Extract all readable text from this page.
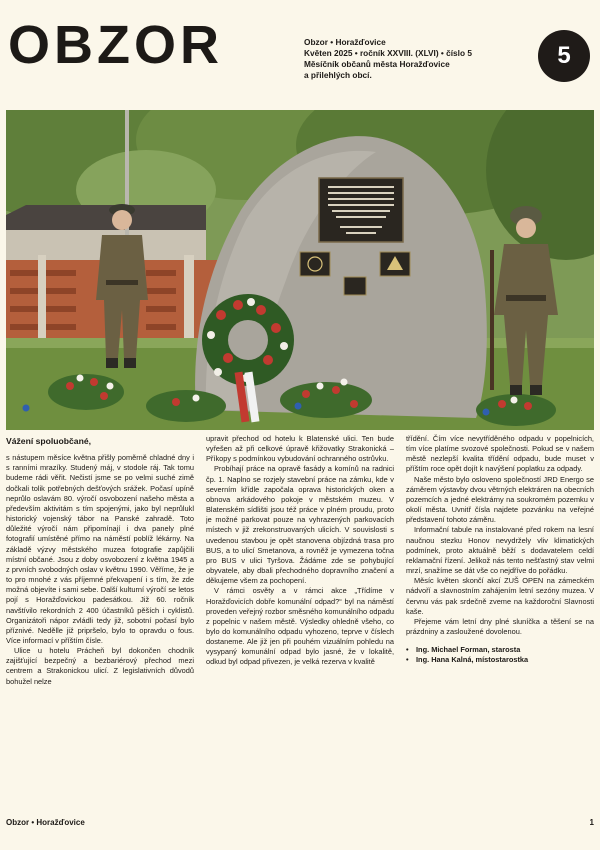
OBZOR	Obzor • Horažďovice
Květen 2025 • ročník XXVIII. (XLVI) • číslo 5
Měsíčník občanů města Horažďovice
a přilehlých obcí.
5
Vážení spoluobčané,

s nástupem měsíce května přišly poměrně chladné dny i s ranními mrazíky. Studený máj, v stodole ráj. Tak tomu budeme rádi věřit. Nečistí jsme se po velmi suché zimě dočkali tolik potřebných dešťových srážek. Počasí upíně neprůlo oslavám 80. výročí osvobození našeho města a především aktivitám s tím spojenými, jako byl neprůlukl historický vojenský tábor na Panské zahradě. Toto důležité výročí nám připomínají i dva panely plné fotografií umístěné přímo na náměstí poblíž lékárny. Na základě výzvy městského muzea fotografie zapůjčili místní občané. Jsou z doby osvobození z května 1945 a z prvních svobodných oslav v květnu 1990. Věříme, že je to pro mnohé z vás příjemné překvapení i s tím, že zde možná objevíte i sami sebe. Další kulturní výročí se letos pojí s Horažďovickou padesátkou. Již 60. ročník navštívilo rekordních 2 400 účastníků pěších i cyklistů. Organizátoři nápor zvládli tedy již, sobotní počasí bylo příznivé. Nedělle již pripršelo, bylo to opravdu o fous. Více informací v příštím čísle.

Ulice u hotelu Prácheň byl dokončen chodník zajišťující bezpečný a bezbariérový přechod mezi centrem a Strakonickou ulicí. Z legislativních důvodů bohužel nelze

upravit přechod od hotelu k Blatenské ulici. Ten bude vyřešen až při celkové úpravě křižovatky Strakonická – Příkopy s podmínkou vybudování ochranného ostrůvku.

Probíhají práce na opravě fasády a komínů na radnici čp. 1. Naplno se rozjely stavební práce na zámku, kde v severním křídle započala oprava historických oken a obnova arkádového pokoje v městském muzeu. V Blatenském sídlišti jsou též práce v plném proudu, proto je možné parkovat pouze na vyhrazených parkovacích místech v již zrekonstruovaných ulicích. V souvislosti s uvedenou stavbou je opět stanovena objízdná trasa pro BUS, a to ulicí Smetanova, a rovněž je vymezena točna pro BUS v ulici Tyršova. Žádáme zde se pohybující obyvatele, aby dbali přechodného dopravního značení a děkujeme všem za pochopení.

V rámci osvěty a v rámci akce „Třídíme v Horažďovicích dobře komunální odpad?“ byl na náměstí proveden veřejný rozbor směsného komunálního odpadu z popelnic v našem městě. Výsledky ohledně všeho, co bylo do komunálního odpadu vyhozeno, teprve v číslech dostaneme. Ale již jen při pouhém vizuálním pohledu na vysypaný komunální odpad bylo jasné, že v lokalitě, odkud byl odpad přivezen, je velká rezerva v kvalitě

třídění. Čím více nevytříděného odpadu v popelnicích, tím více platíme svozové společnosti. Pokud se v našem městě nezlepší kvalita třídění odpadu, bude muset v příštím roce opět dojít k navýšení poplatku za odpady.

Naše město bylo osloveno společností JRD Energo se záměrem výstavby dvou větrných elektráren na obecních pozemcích a jedné elektrárny na soukromém pozemku v okolí města. Uvnitř čísla najdete pozvánku na veřejné představení tohoto záměru.

Informační tabule na instalované před rokem na lesní naučnou stezku Honov nevydržely vliv klimatických podmínek, proto aktuálně běží s dodavatelem celdí reklamační řízení. Jelikož nás tento nešťastný stav velmi mrzí, snažíme se dát vše co nejdříve do pořádku.

Měsíc květen skončí akcí ZUŠ OPEN na zámeckém nádvoří a slavnostním zahájením letní sezóny muzea. V červnu vás pak srdečně zveme na každoroční Slavnosti kaše.

Přejeme vám letní dny plné sluníčka a těšení se na prázdniny a zasloužené dovolenou.

• Ing. Michael Forman, starosta
• Ing. Hana Kalná, místostarostka
Obzor • Horažďovice	1
